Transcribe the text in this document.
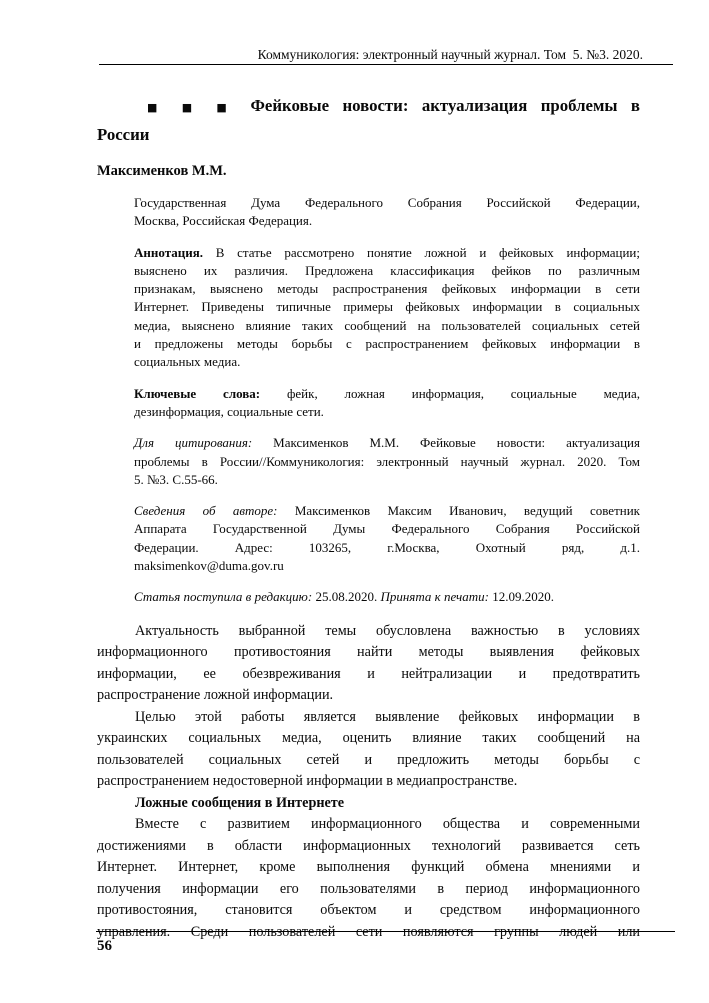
Коммуникология: электронный научный журнал. Том  5. №3. 2020.
■ ■ ■ Фейковые новости: актуализация проблемы в
России
Максименков М.М.
Государственная Дума Федерального Собрания Российской Федерации,
Москва, Российская Федерация.
Аннотация. В статье рассмотрено понятие ложной и фейковых информации;
выяснено их различия. Предложена классификация фейков по различным
признакам, выяснено методы распространения фейковых информации в сети
Интернет. Приведены типичные примеры фейковых информации в социальных
медиа, выяснено влияние таких сообщений на пользователей социальных сетей
и предложены методы борьбы с распространением фейковых информации в
социальных медиа.
Ключевые слова: фейк, ложная информация, социальные медиа,
дезинформация, социальные сети.
Для цитирования: Максименков М.М. Фейковые новости: актуализация
проблемы в России//Коммуникология: электронный научный журнал. 2020. Том
5. №3. С.55-66.
Сведения об авторе: Максименков Максим Иванович, ведущий советник
Аппарата Государственной Думы Федерального Собрания Российской
Федерации. Адрес: 103265, г.Москва, Охотный ряд, д.1.
maksimenkov@duma.gov.ru
Статья поступила в редакцию: 25.08.2020. Принята к печати: 12.09.2020.
Актуальность выбранной темы обусловлена важностью в условиях
информационного противостояния найти методы выявления фейковых
информации, ее обезвреживания и нейтрализации и предотвратить
распространение ложной информации.
Целью этой работы является выявление фейковых информации в
украинских социальных медиа, оценить влияние таких сообщений на
пользователей социальных сетей и предложить методы борьбы с
распространением недостоверной информации в медиапространстве.
Ложные сообщения в Интернете
Вместе с развитием информационного общества и современными
достижениями в области информационных технологий развивается сеть
Интернет. Интернет, кроме выполнения функций обмена мнениями и
получения информации его пользователями в период информационного
противостояния, становится объектом и средством информационного
управления. Среди пользователей сети появляются группы людей или
56
